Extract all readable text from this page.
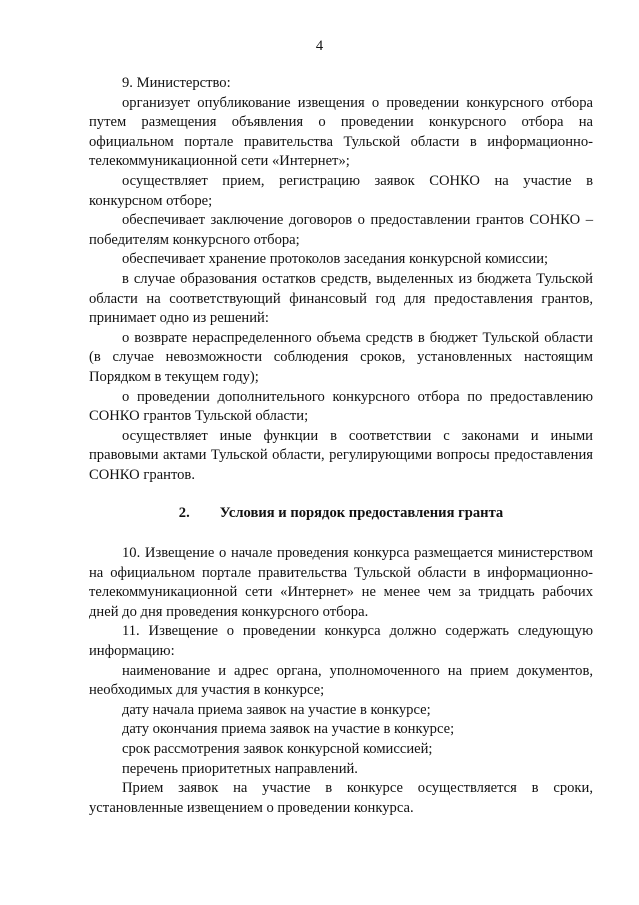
4

9. Министерство:

организует опубликование извещения о проведении конкурсного отбора путем размещения объявления о проведении конкурсного отбора на официальном портале правительства Тульской области в информационно-телекоммуникационной сети «Интернет»;

осуществляет прием, регистрацию заявок СОНКО на участие в конкурсном отборе;

обеспечивает заключение договоров о предоставлении грантов СОНКО – победителям конкурсного отбора;

обеспечивает хранение протоколов заседания конкурсной комиссии;

в случае образования остатков средств, выделенных из бюджета Тульской области на соответствующий финансовый год для предоставления грантов, принимает одно из решений:

о возврате нераспределенного объема средств в бюджет Тульской области (в случае невозможности соблюдения сроков, установленных настоящим Порядком в текущем году);

о проведении дополнительного конкурсного отбора по предоставлению СОНКО грантов Тульской области;

осуществляет иные функции в соответствии с законами и иными правовыми актами Тульской области, регулирующими вопросы предоставления СОНКО грантов.

2. Условия и порядок предоставления гранта

10. Извещение о начале проведения конкурса размещается министерством на официальном портале правительства Тульской области в информационно-телекоммуникационной сети «Интернет» не менее чем за тридцать рабочих дней до дня проведения конкурсного отбора.

11. Извещение о проведении конкурса должно содержать следующую информацию:

наименование и адрес органа, уполномоченного на прием документов, необходимых для участия в конкурсе;

дату начала приема заявок на участие в конкурсе;

дату окончания приема заявок на участие в конкурсе;

срок рассмотрения заявок конкурсной комиссией;

перечень приоритетных направлений.

Прием заявок на участие в конкурсе осуществляется в сроки, установленные извещением о проведении конкурса.
